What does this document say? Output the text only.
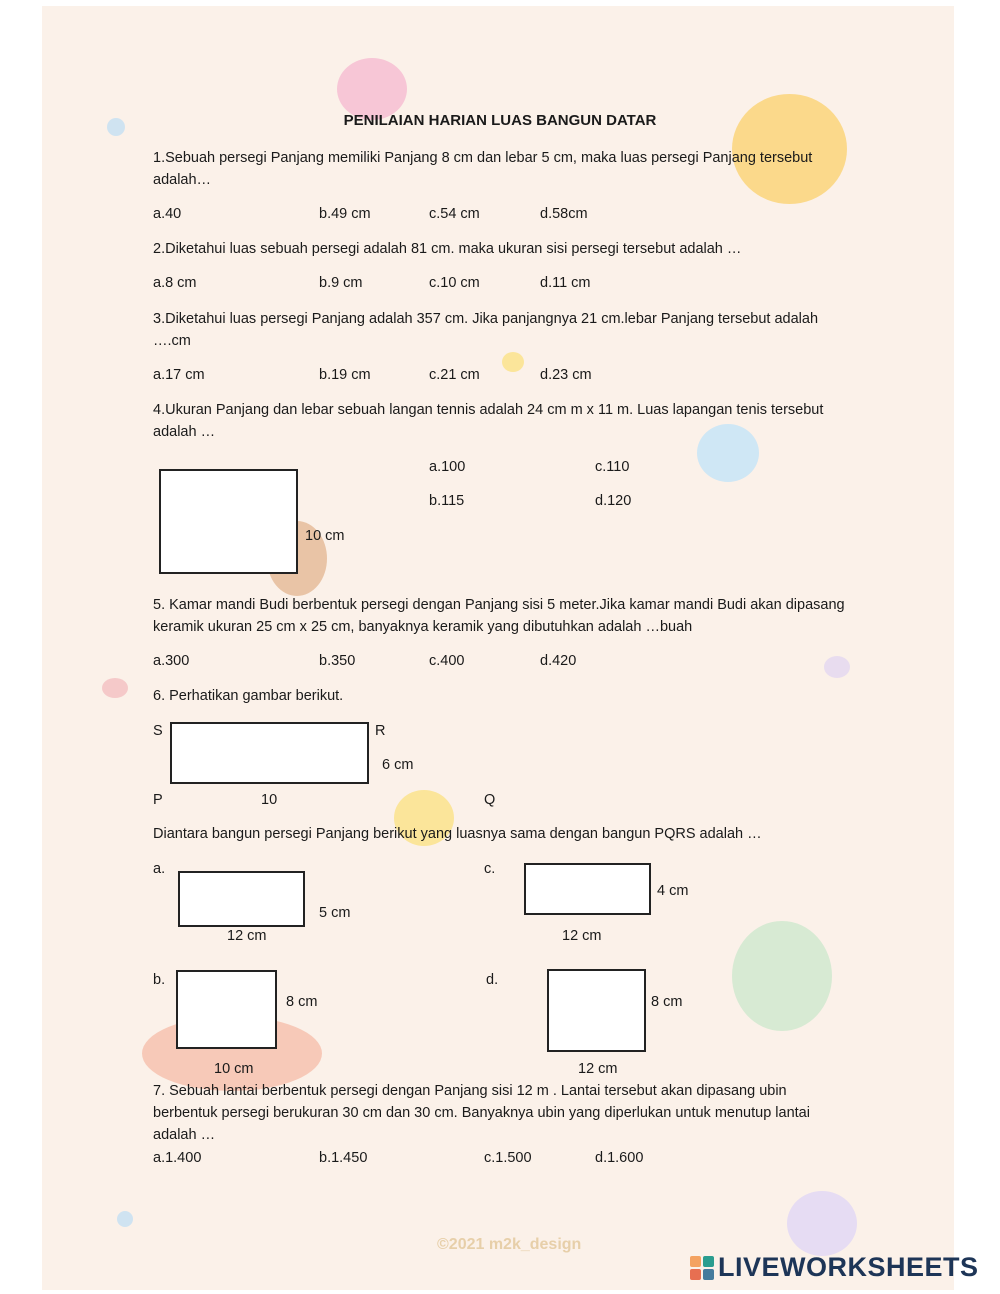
©2021 m2k_design
PENILAIAN HARIAN LUAS BANGUN DATAR
1.Sebuah persegi Panjang memiliki Panjang 8 cm dan lebar 5 cm, maka luas persegi Panjang tersebut adalah…
a.40	b.49 cm	c.54 cm	d.58cm
2.Diketahui luas sebuah persegi adalah 81 cm. maka ukuran sisi persegi tersebut adalah …
a.8 cm	b.9 cm	c.10 cm	d.11 cm
3.Diketahui luas persegi Panjang adalah 357 cm. Jika panjangnya 21 cm.lebar Panjang tersebut adalah ….cm
a.17 cm	b.19 cm	c.21 cm	d.23 cm
4.Ukuran Panjang dan lebar sebuah langan tennis adalah 24 cm m x 11 m. Luas lapangan tenis tersebut adalah …
10 cm
a.100	c.110
b.115	d.120
5. Kamar mandi Budi berbentuk persegi dengan Panjang sisi 5 meter.Jika kamar mandi Budi akan dipasang keramik ukuran 25 cm x 25 cm, banyaknya keramik yang dibutuhkan adalah …buah
a.300	b.350	c.400	d.420
6. Perhatikan gambar berikut.
S	R
6 cm
P	10	Q
Diantara bangun persegi Panjang berikut yang luasnya sama dengan bangun PQRS adalah …
a.
5 cm
12 cm
c.
4 cm
12 cm
b.
8 cm
10 cm
d.
8 cm
12 cm
7. Sebuah lantai berbentuk persegi dengan Panjang sisi 12 m . Lantai tersebut akan dipasang ubin berbentuk persegi berukuran 30 cm dan 30 cm. Banyaknya ubin yang diperlukan untuk menutup lantai adalah …
a.1.400	b.1.450	c.1.500	d.1.600
LIVEWORKSHEETS
